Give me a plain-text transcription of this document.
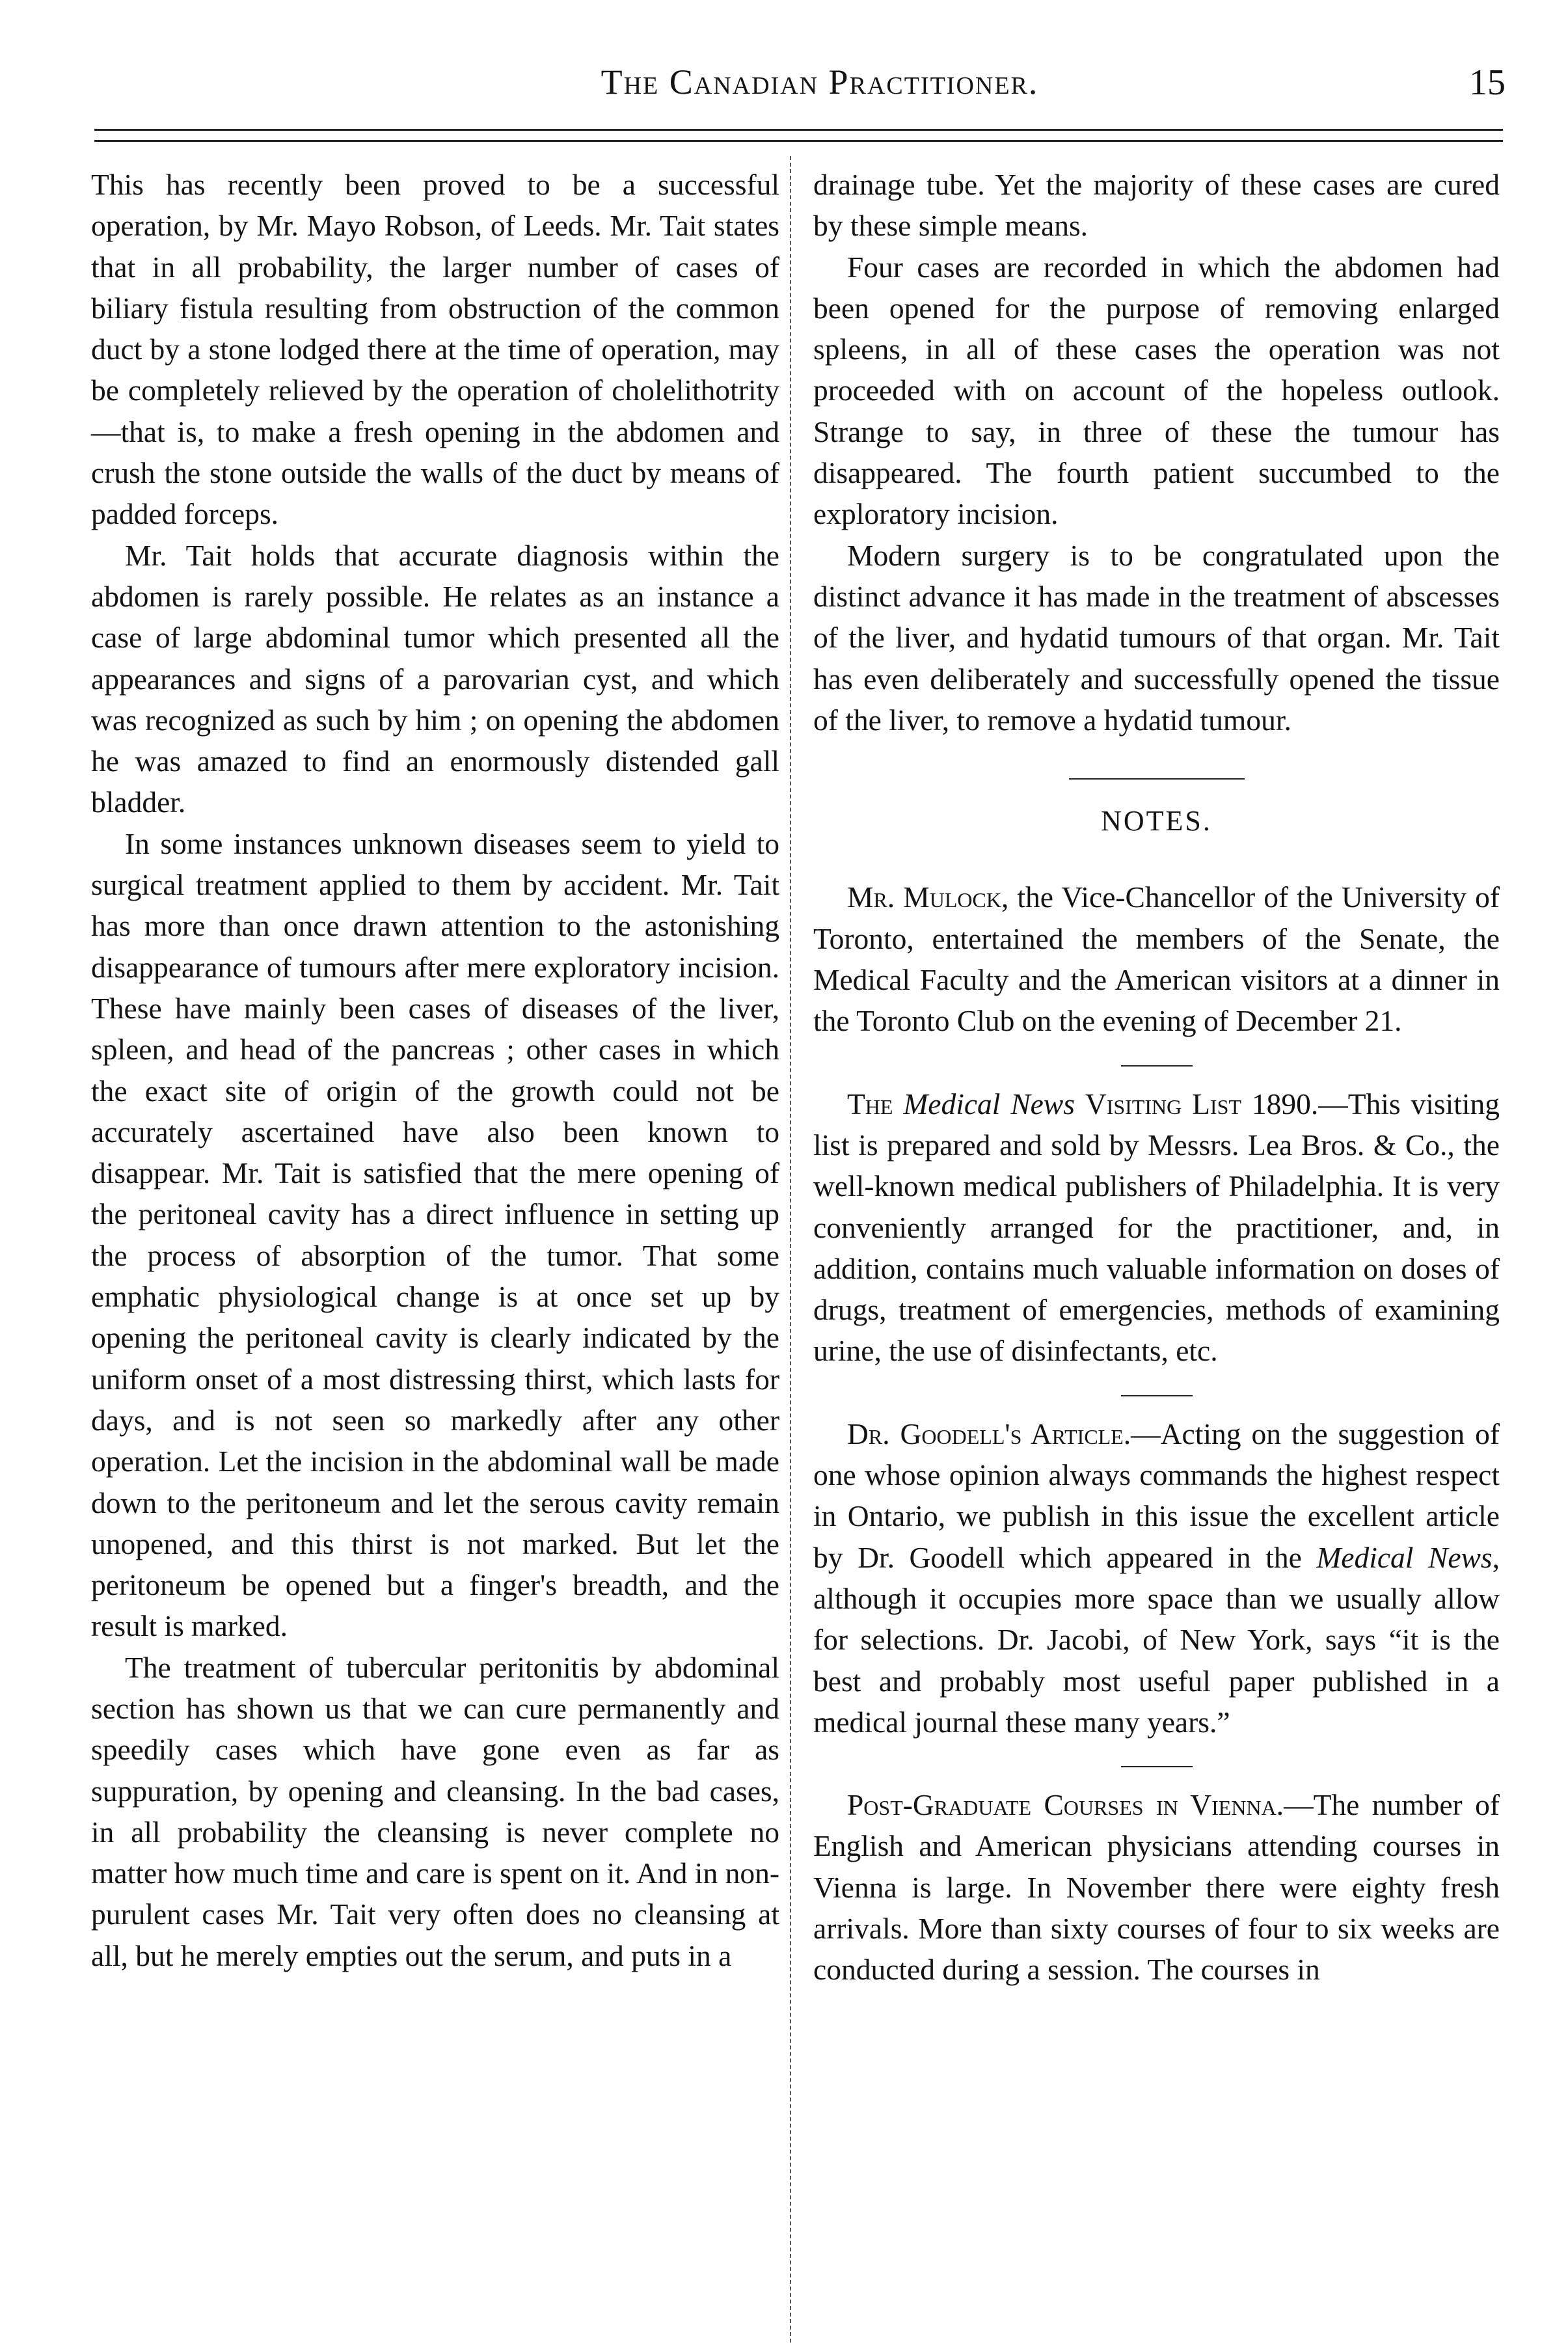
The Canadian Practitioner.	15

This has recently been proved to be a successful operation, by Mr. Mayo Robson, of Leeds. Mr. Tait states that in all probability, the larger number of cases of biliary fistula resulting from obstruction of the common duct by a stone lodged there at the time of operation, may be completely relieved by the operation of cholelithotrity—that is, to make a fresh opening in the abdomen and crush the stone outside the walls of the duct by means of padded forceps.

Mr. Tait holds that accurate diagnosis within the abdomen is rarely possible. He relates as an instance a case of large abdominal tumor which presented all the appearances and signs of a parovarian cyst, and which was recognized as such by him ; on opening the abdomen he was amazed to find an enormously distended gall bladder.

In some instances unknown diseases seem to yield to surgical treatment applied to them by accident. Mr. Tait has more than once drawn attention to the astonishing disappearance of tumours after mere exploratory incision. These have mainly been cases of diseases of the liver, spleen, and head of the pancreas ; other cases in which the exact site of origin of the growth could not be accurately ascertained have also been known to disappear. Mr. Tait is satisfied that the mere opening of the peritoneal cavity has a direct influence in setting up the process of absorption of the tumor. That some emphatic physiological change is at once set up by opening the peritoneal cavity is clearly indicated by the uniform onset of a most distressing thirst, which lasts for days, and is not seen so markedly after any other operation. Let the incision in the abdominal wall be made down to the peritoneum and let the serous cavity remain unopened, and this thirst is not marked. But let the peritoneum be opened but a finger's breadth, and the result is marked.

The treatment of tubercular peritonitis by abdominal section has shown us that we can cure permanently and speedily cases which have gone even as far as suppuration, by opening and cleansing. In the bad cases, in all probability the cleansing is never complete no matter how much time and care is spent on it. And in non-purulent cases Mr. Tait very often does no cleansing at all, but he merely empties out the serum, and puts in a

drainage tube. Yet the majority of these cases are cured by these simple means.

Four cases are recorded in which the abdomen had been opened for the purpose of removing enlarged spleens, in all of these cases the operation was not proceeded with on account of the hopeless outlook. Strange to say, in three of these the tumour has disappeared. The fourth patient succumbed to the exploratory incision.

Modern surgery is to be congratulated upon the distinct advance it has made in the treatment of abscesses of the liver, and hydatid tumours of that organ. Mr. Tait has even deliberately and successfully opened the tissue of the liver, to remove a hydatid tumour.

NOTES.

Mr. Mulock, the Vice-Chancellor of the University of Toronto, entertained the members of the Senate, the Medical Faculty and the American visitors at a dinner in the Toronto Club on the evening of December 21.

The Medical News Visiting List 1890.—This visiting list is prepared and sold by Messrs. Lea Bros. & Co., the well-known medical publishers of Philadelphia. It is very conveniently arranged for the practitioner, and, in addition, contains much valuable information on doses of drugs, treatment of emergencies, methods of examining urine, the use of disinfectants, etc.

Dr. Goodell's Article.—Acting on the suggestion of one whose opinion always commands the highest respect in Ontario, we publish in this issue the excellent article by Dr. Goodell which appeared in the Medical News, although it occupies more space than we usually allow for selections. Dr. Jacobi, of New York, says “it is the best and probably most useful paper published in a medical journal these many years.”

Post-Graduate Courses in Vienna.—The number of English and American physicians attending courses in Vienna is large. In November there were eighty fresh arrivals. More than sixty courses of four to six weeks are conducted during a session. The courses in
